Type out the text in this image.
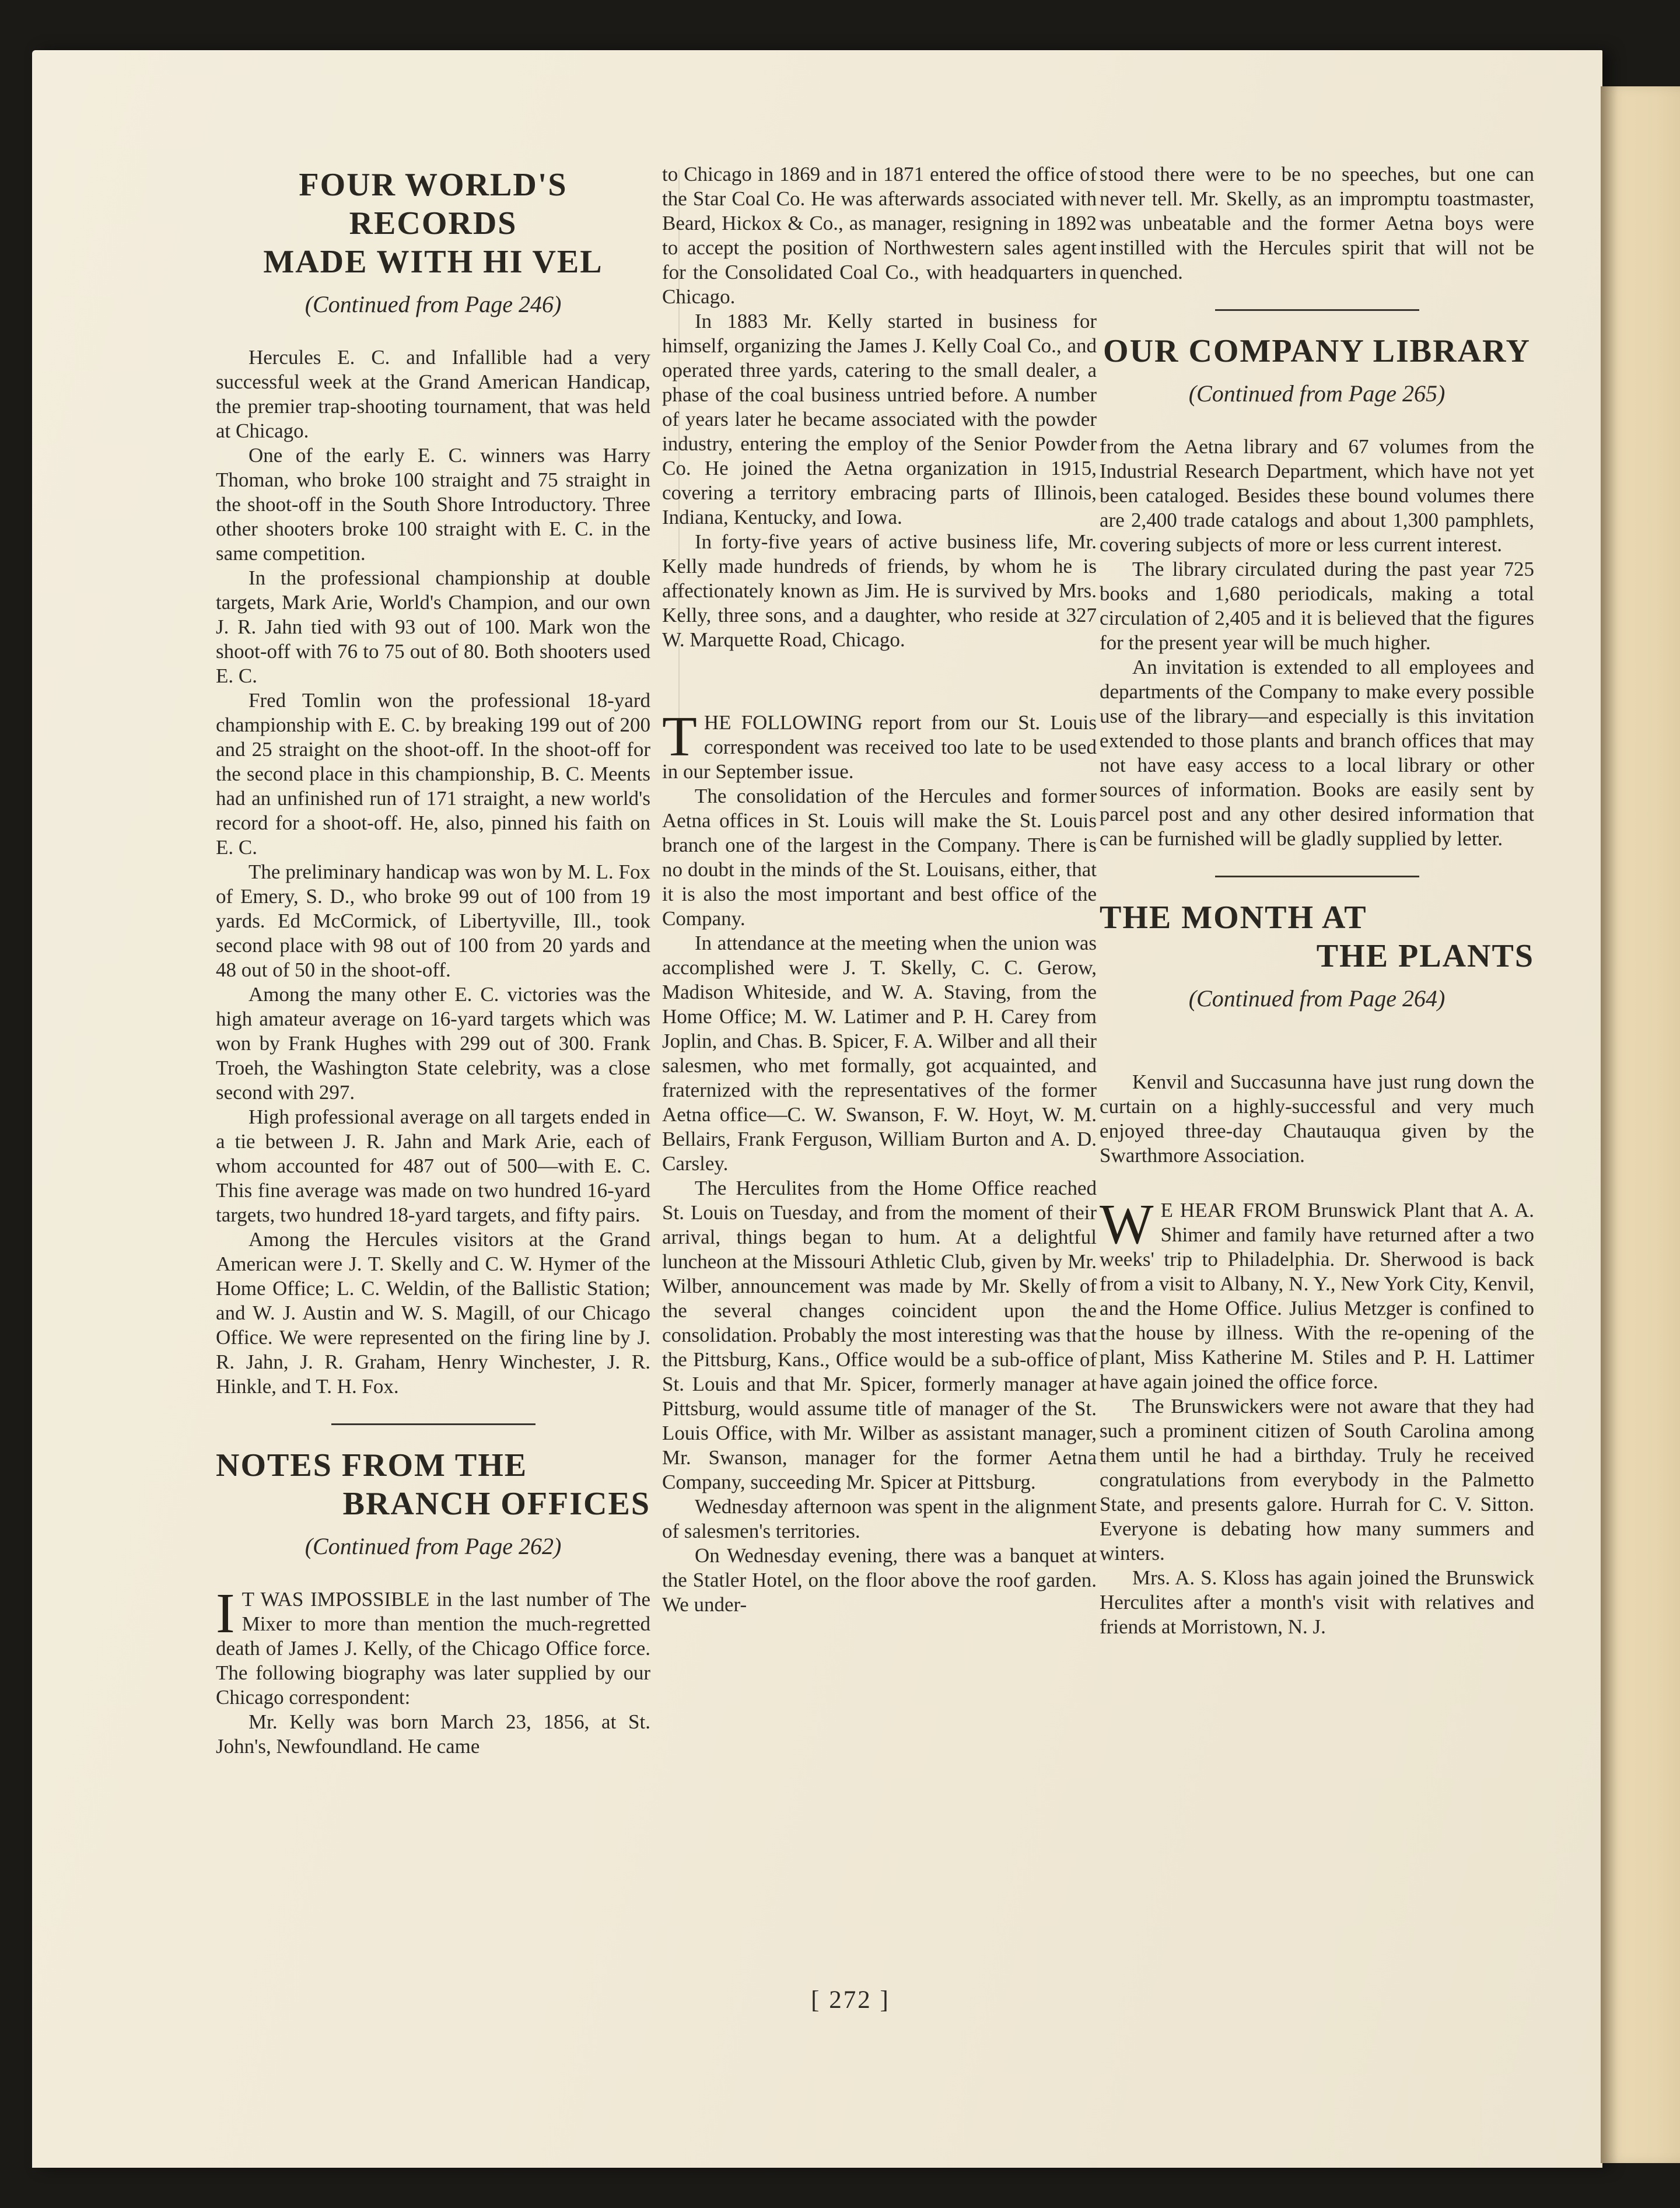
FOUR WORLD'S RECORDS
MADE WITH HI VEL
(Continued from Page 246)

Hercules E. C. and Infallible had a very successful week at the Grand American Handicap, the premier trap-shooting tournament, that was held at Chicago.

One of the early E. C. winners was Harry Thoman, who broke 100 straight and 75 straight in the shoot-off in the South Shore Introductory. Three other shooters broke 100 straight with E. C. in the same competition.

In the professional championship at double targets, Mark Arie, World's Champion, and our own J. R. Jahn tied with 93 out of 100. Mark won the shoot-off with 76 to 75 out of 80. Both shooters used E. C.

Fred Tomlin won the professional 18-yard championship with E. C. by breaking 199 out of 200 and 25 straight on the shoot-off. In the shoot-off for the second place in this championship, B. C. Meents had an unfinished run of 171 straight, a new world's record for a shoot-off. He, also, pinned his faith on E. C.

The preliminary handicap was won by M. L. Fox of Emery, S. D., who broke 99 out of 100 from 19 yards. Ed McCormick, of Libertyville, Ill., took second place with 98 out of 100 from 20 yards and 48 out of 50 in the shoot-off.

Among the many other E. C. victories was the high amateur average on 16-yard targets which was won by Frank Hughes with 299 out of 300. Frank Troeh, the Washington State celebrity, was a close second with 297.

High professional average on all targets ended in a tie between J. R. Jahn and Mark Arie, each of whom accounted for 487 out of 500—with E. C. This fine average was made on two hundred 16-yard targets, two hundred 18-yard targets, and fifty pairs.

Among the Hercules visitors at the Grand American were J. T. Skelly and C. W. Hymer of the Home Office; L. C. Weldin, of the Ballistic Station; and W. J. Austin and W. S. Magill, of our Chicago Office. We were represented on the firing line by J. R. Jahn, J. R. Graham, Henry Winchester, J. R. Hinkle, and T. H. Fox.

NOTES FROM THE
BRANCH OFFICES
(Continued from Page 262)

I T WAS IMPOSSIBLE in the last number of The Mixer to more than mention the much-regretted death of James J. Kelly, of the Chicago Office force. The following biography was later supplied by our Chicago correspondent:

Mr. Kelly was born March 23, 1856, at St. John's, Newfoundland. He came

to Chicago in 1869 and in 1871 entered the office of the Star Coal Co. He was afterwards associated with Beard, Hickox & Co., as manager, resigning in 1892 to accept the position of Northwestern sales agent for the Consolidated Coal Co., with headquarters in Chicago.

In 1883 Mr. Kelly started in business for himself, organizing the James J. Kelly Coal Co., and operated three yards, catering to the small dealer, a phase of the coal business untried before. A number of years later he became associated with the powder industry, entering the employ of the Senior Powder Co. He joined the Aetna organization in 1915, covering a territory embracing parts of Illinois, Indiana, Kentucky, and Iowa.

In forty-five years of active business life, Mr. Kelly made hundreds of friends, by whom he is affectionately known as Jim. He is survived by Mrs. Kelly, three sons, and a daughter, who reside at 327 W. Marquette Road, Chicago.

THE FOLLOWING report from our St. Louis correspondent was received too late to be used in our September issue.

The consolidation of the Hercules and former Aetna offices in St. Louis will make the St. Louis branch one of the largest in the Company. There is no doubt in the minds of the St. Louisans, either, that it is also the most important and best office of the Company.

In attendance at the meeting when the union was accomplished were J. T. Skelly, C. C. Gerow, Madison Whiteside, and W. A. Staving, from the Home Office; M. W. Latimer and P. H. Carey from Joplin, and Chas. B. Spicer, F. A. Wilber and all their salesmen, who met formally, got acquainted, and fraternized with the representatives of the former Aetna office—C. W. Swanson, F. W. Hoyt, W. M. Bellairs, Frank Ferguson, William Burton and A. D. Carsley.

The Herculites from the Home Office reached St. Louis on Tuesday, and from the moment of their arrival, things began to hum. At a delightful luncheon at the Missouri Athletic Club, given by Mr. Wilber, announcement was made by Mr. Skelly of the several changes coincident upon the consolidation. Probably the most interesting was that the Pittsburg, Kans., Office would be a sub-office of St. Louis and that Mr. Spicer, formerly manager at Pittsburg, would assume title of manager of the St. Louis Office, with Mr. Wilber as assistant manager, Mr. Swanson, manager for the former Aetna Company, succeeding Mr. Spicer at Pittsburg.

Wednesday afternoon was spent in the alignment of salesmen's territories.

On Wednesday evening, there was a banquet at the Statler Hotel, on the floor above the roof garden. We under-

stood there were to be no speeches, but one can never tell. Mr. Skelly, as an impromptu toastmaster, was unbeatable and the former Aetna boys were instilled with the Hercules spirit that will not be quenched.

OUR COMPANY LIBRARY
(Continued from Page 265)

from the Aetna library and 67 volumes from the Industrial Research Department, which have not yet been cataloged. Besides these bound volumes there are 2,400 trade catalogs and about 1,300 pamphlets, covering subjects of more or less current interest.

The library circulated during the past year 725 books and 1,680 periodicals, making a total circulation of 2,405 and it is believed that the figures for the present year will be much higher.

An invitation is extended to all employees and departments of the Company to make every possible use of the library—and especially is this invitation extended to those plants and branch offices that may not have easy access to a local library or other sources of information. Books are easily sent by parcel post and any other desired information that can be furnished will be gladly supplied by letter.

THE MONTH AT
THE PLANTS
(Continued from Page 264)

Kenvil and Succasunna have just rung down the curtain on a highly-successful and very much enjoyed three-day Chautauqua given by the Swarthmore Association.

W E HEAR FROM Brunswick Plant that A. A. Shimer and family have returned after a two weeks' trip to Philadelphia. Dr. Sherwood is back from a visit to Albany, N. Y., New York City, Kenvil, and the Home Office. Julius Metzger is confined to the house by illness. With the re-opening of the plant, Miss Katherine M. Stiles and P. H. Lattimer have again joined the office force.

The Brunswickers were not aware that they had such a prominent citizen of South Carolina among them until he had a birthday. Truly he received congratulations from everybody in the Palmetto State, and presents galore. Hurrah for C. V. Sitton. Everyone is debating how many summers and winters.

Mrs. A. S. Kloss has again joined the Brunswick Herculites after a month's visit with relatives and friends at Morristown, N. J.

[ 272 ]
